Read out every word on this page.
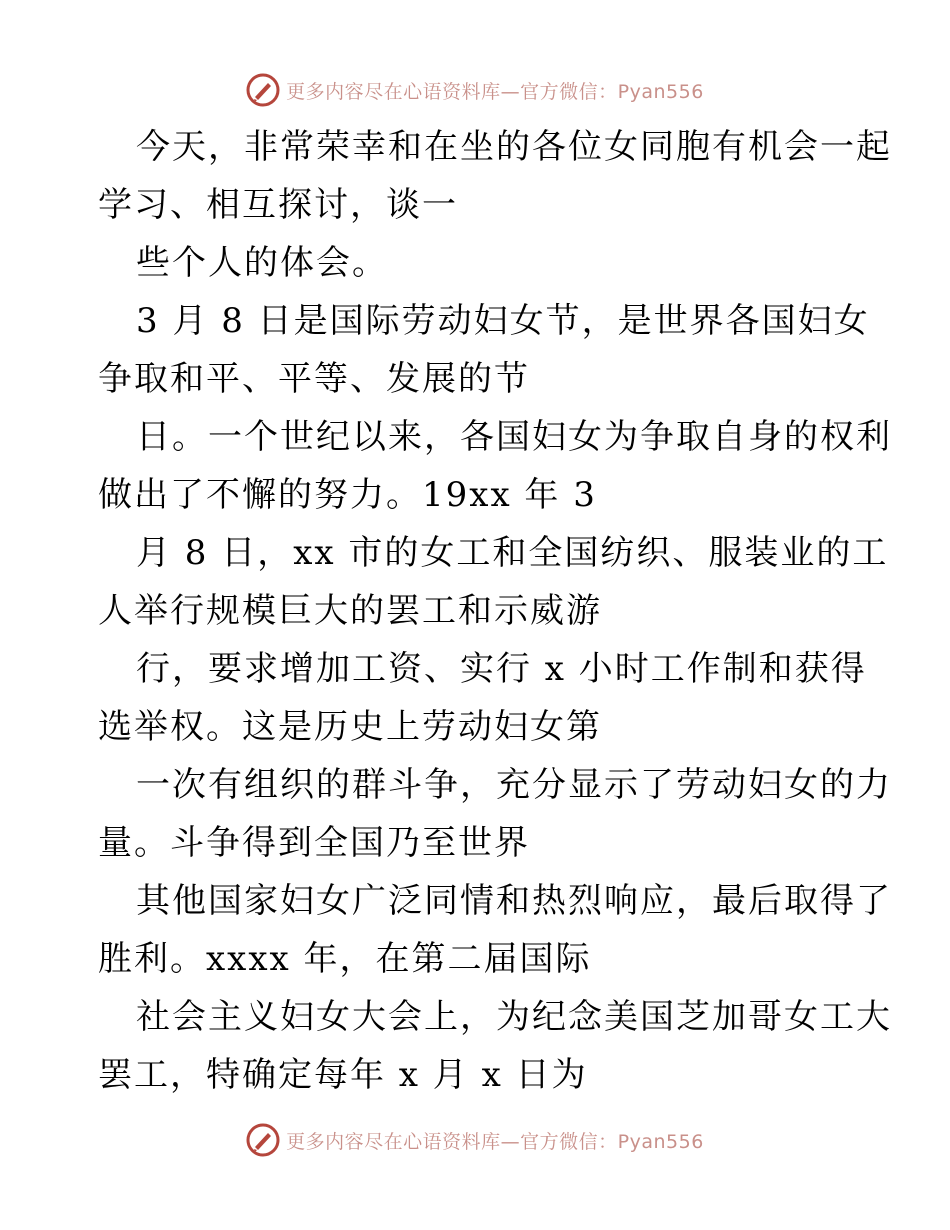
更多内容尽在心语资料库—官方微信：Pyan556
今天，非常荣幸和在坐的各位女同胞有机会一起
学习、相互探讨，谈一
些个人的体会。
3 月 8 日是国际劳动妇女节，是世界各国妇女
争取和平、平等、发展的节
日。一个世纪以来，各国妇女为争取自身的权利
做出了不懈的努力。19xx 年 3
月 8 日，xx 市的女工和全国纺织、服装业的工
人举行规模巨大的罢工和示威游
行，要求增加工资、实行 x 小时工作制和获得
选举权。这是历史上劳动妇女第
一次有组织的群斗争，充分显示了劳动妇女的力
量。斗争得到全国乃至世界
其他国家妇女广泛同情和热烈响应，最后取得了
胜利。xxxx 年，在第二届国际
社会主义妇女大会上，为纪念美国芝加哥女工大
罢工，特确定每年 x 月 x 日为
更多内容尽在心语资料库—官方微信：Pyan556
